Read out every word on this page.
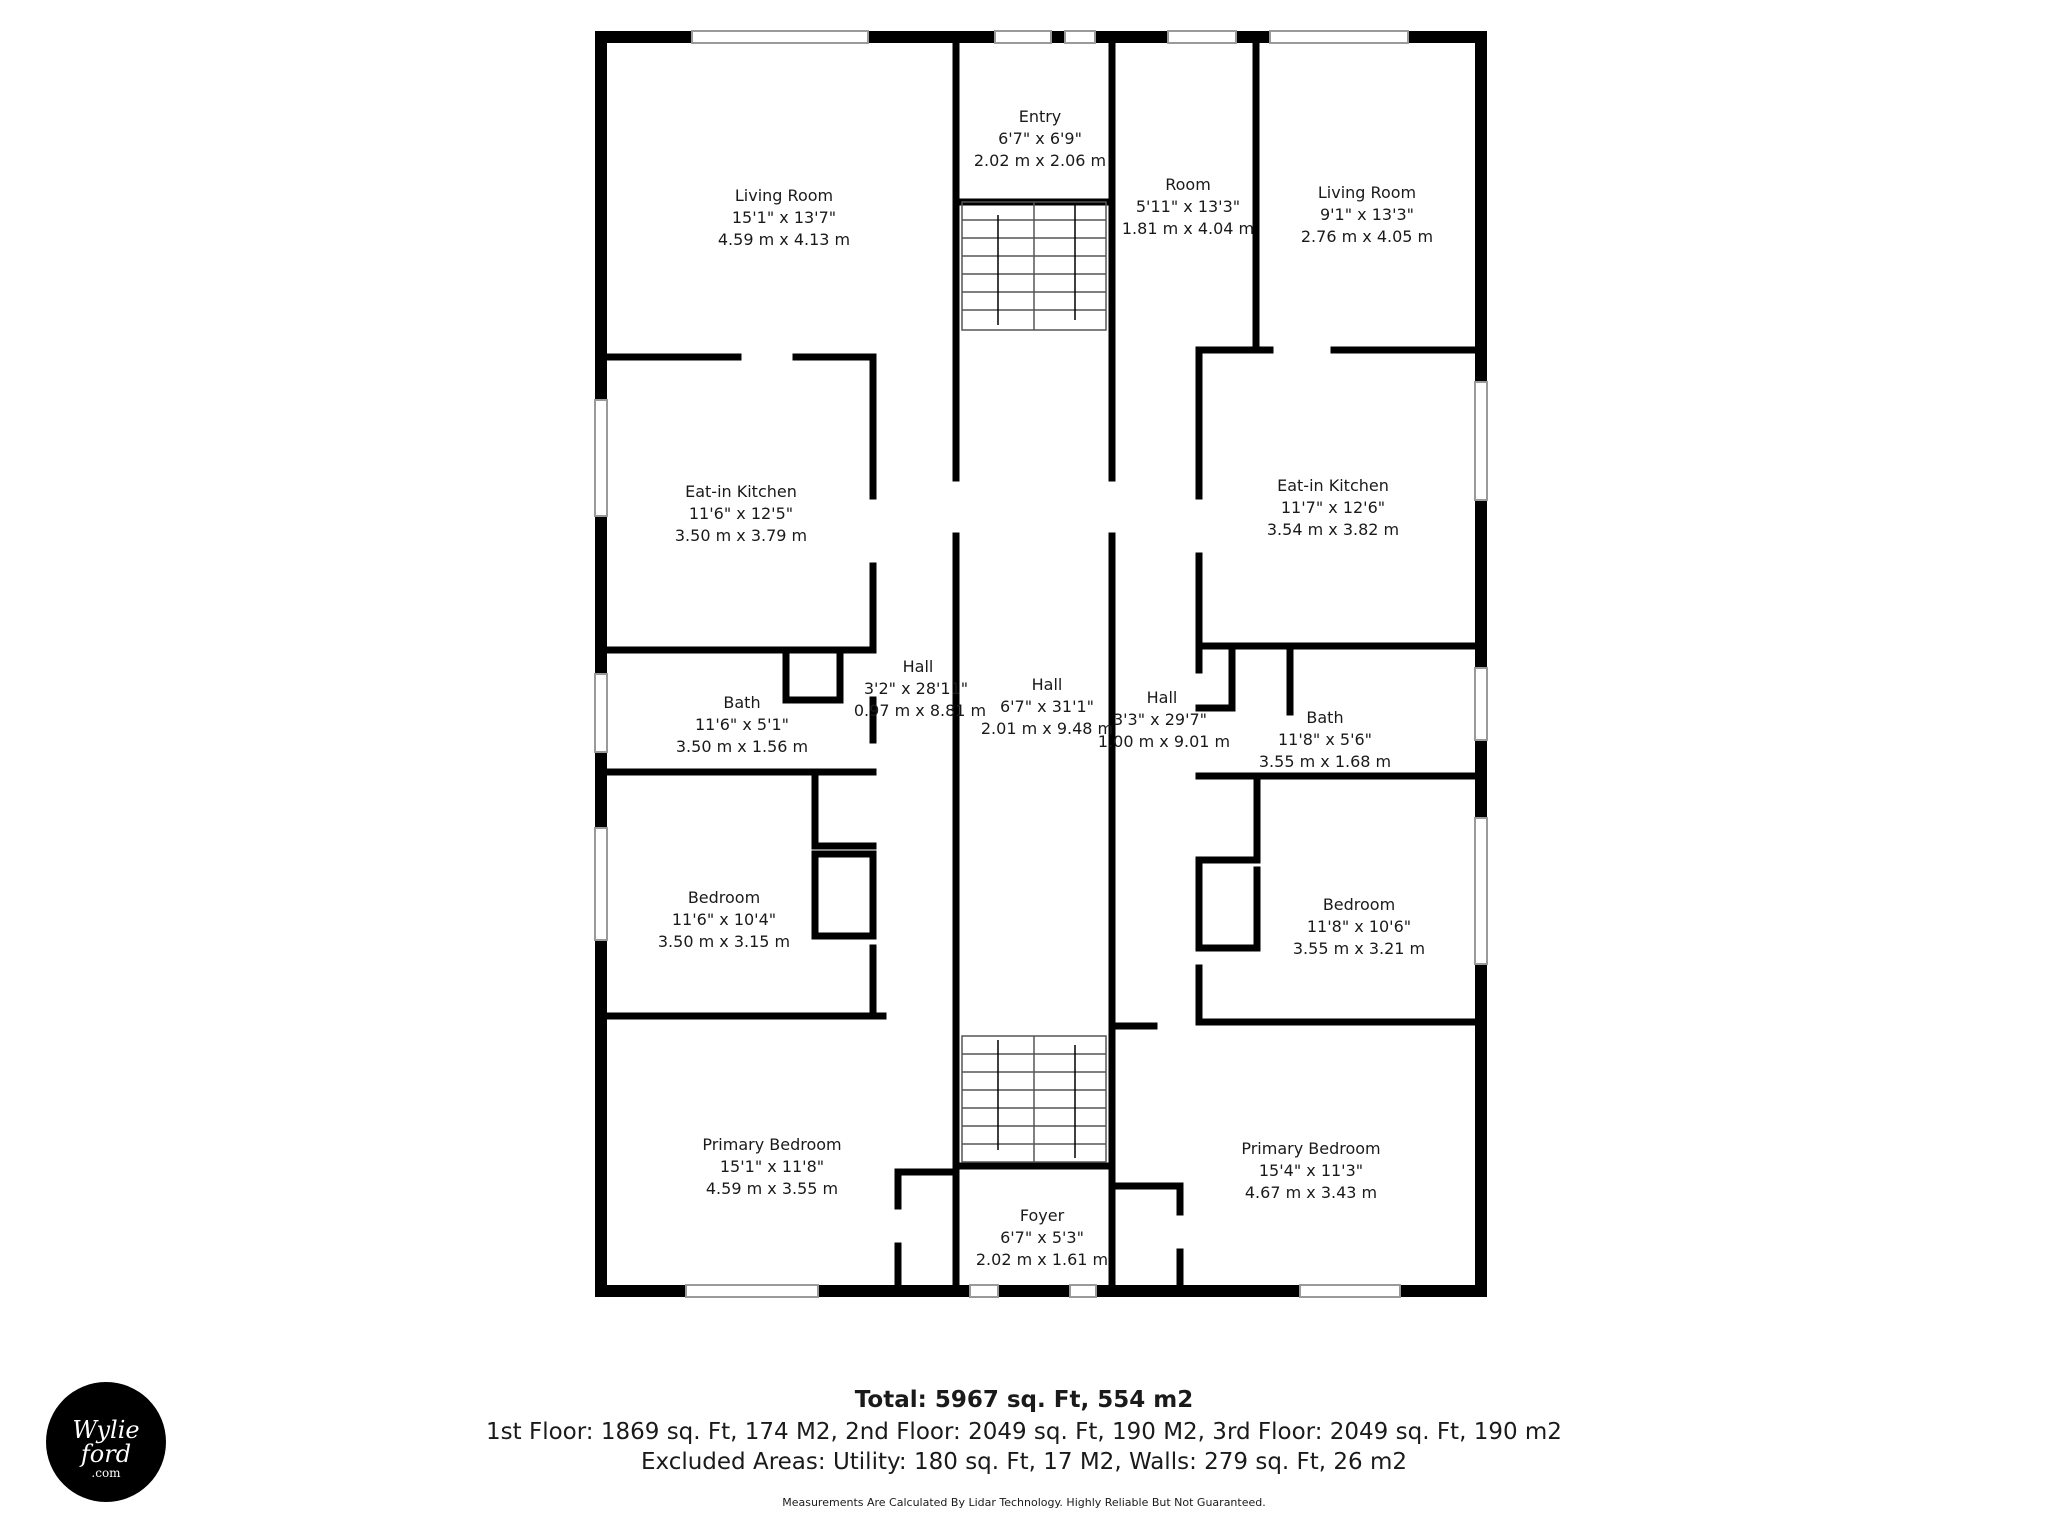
Living Room
15'1" x 13'7"
4.59 m x 4.13 m
Eat-in Kitchen
11'6" x 12'5"
3.50 m x 3.79 m
Bath
11'6" x 5'1"
3.50 m x 1.56 m
Bedroom
11'6" x 10'4"
3.50 m x 3.15 m
Primary Bedroom
15'1" x 11'8"
4.59 m x 3.55 m
Hall
3'2" x 28'11"
0.97 m x 8.81 m
Entry
6'7" x 6'9"
2.02 m x 2.06 m
Hall
6'7" x 31'1"
2.01 m x 9.48 m
Foyer
6'7" x 5'3"
2.02 m x 1.61 m
Room
5'11" x 13'3"
1.81 m x 4.04 m
Living Room
9'1" x 13'3"
2.76 m x 4.05 m
Eat-in Kitchen
11'7" x 12'6"
3.54 m x 3.82 m
Hall
3'3" x 29'7"
1.00 m x 9.01 m
Bath
11'8" x 5'6"
3.55 m x 1.68 m
Bedroom
11'8" x 10'6"
3.55 m x 3.21 m
Primary Bedroom
15'4" x 11'3"
4.67 m x 3.43 m
Total: 5967 sq. Ft, 554 m2
1st Floor: 1869 sq. Ft, 174 M2, 2nd Floor: 2049 sq. Ft, 190 M2, 3rd Floor: 2049 sq. Ft, 190 m2
Excluded Areas: Utility: 180 sq. Ft, 17 M2, Walls: 279 sq. Ft, 26 m2
Measurements Are Calculated By Lidar Technology. Highly Reliable But Not Guaranteed.
Wylie
ford
.com
